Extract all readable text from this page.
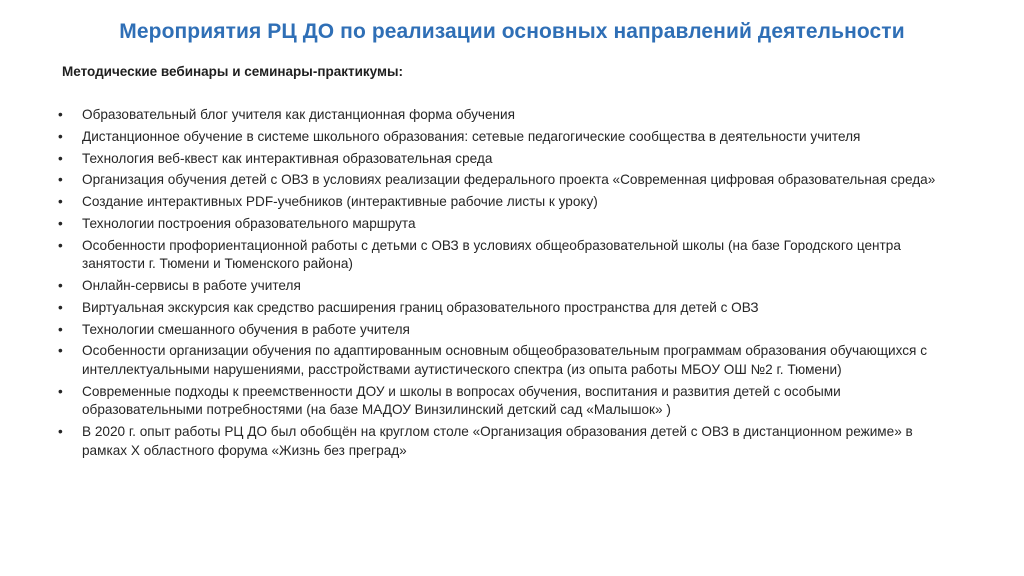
Мероприятия РЦ ДО по реализации основных направлений деятельности
Методические вебинары и семинары-практикумы:
•	Образовательный блог учителя как дистанционная форма обучения
•	Дистанционное обучение в системе школьного образования: сетевые педагогические сообщества в деятельности учителя
•	Технология веб-квест как интерактивная образовательная среда
•	Организация обучения детей с ОВЗ в условиях реализации федерального проекта «Современная цифровая образовательная среда»
•	Создание интерактивных PDF-учебников (интерактивные рабочие листы к уроку)
•	Технологии построения образовательного маршрута
•	Особенности профориентационной работы с детьми с ОВЗ в условиях общеобразовательной школы (на базе Городского центра занятости г. Тюмени и Тюменского района)
•	Онлайн-сервисы в работе учителя
•	Виртуальная экскурсия как средство расширения границ образовательного пространства для детей с ОВЗ
•	Технологии смешанного обучения в работе учителя
•	Особенности организации обучения по адаптированным основным общеобразовательным программам образования обучающихся с интеллектуальными нарушениями, расстройствами аутистического спектра (из опыта работы МБОУ ОШ №2 г. Тюмени)
•	Современные подходы к преемственности ДОУ и школы в вопросах обучения, воспитания и развития детей с особыми образовательными потребностями (на базе МАДОУ Винзилинский детский сад «Малышок» )
•	В 2020 г. опыт работы РЦ ДО был обобщён на круглом столе «Организация образования детей с ОВЗ в дистанционном режиме» в рамках Х областного форума «Жизнь без преград»
